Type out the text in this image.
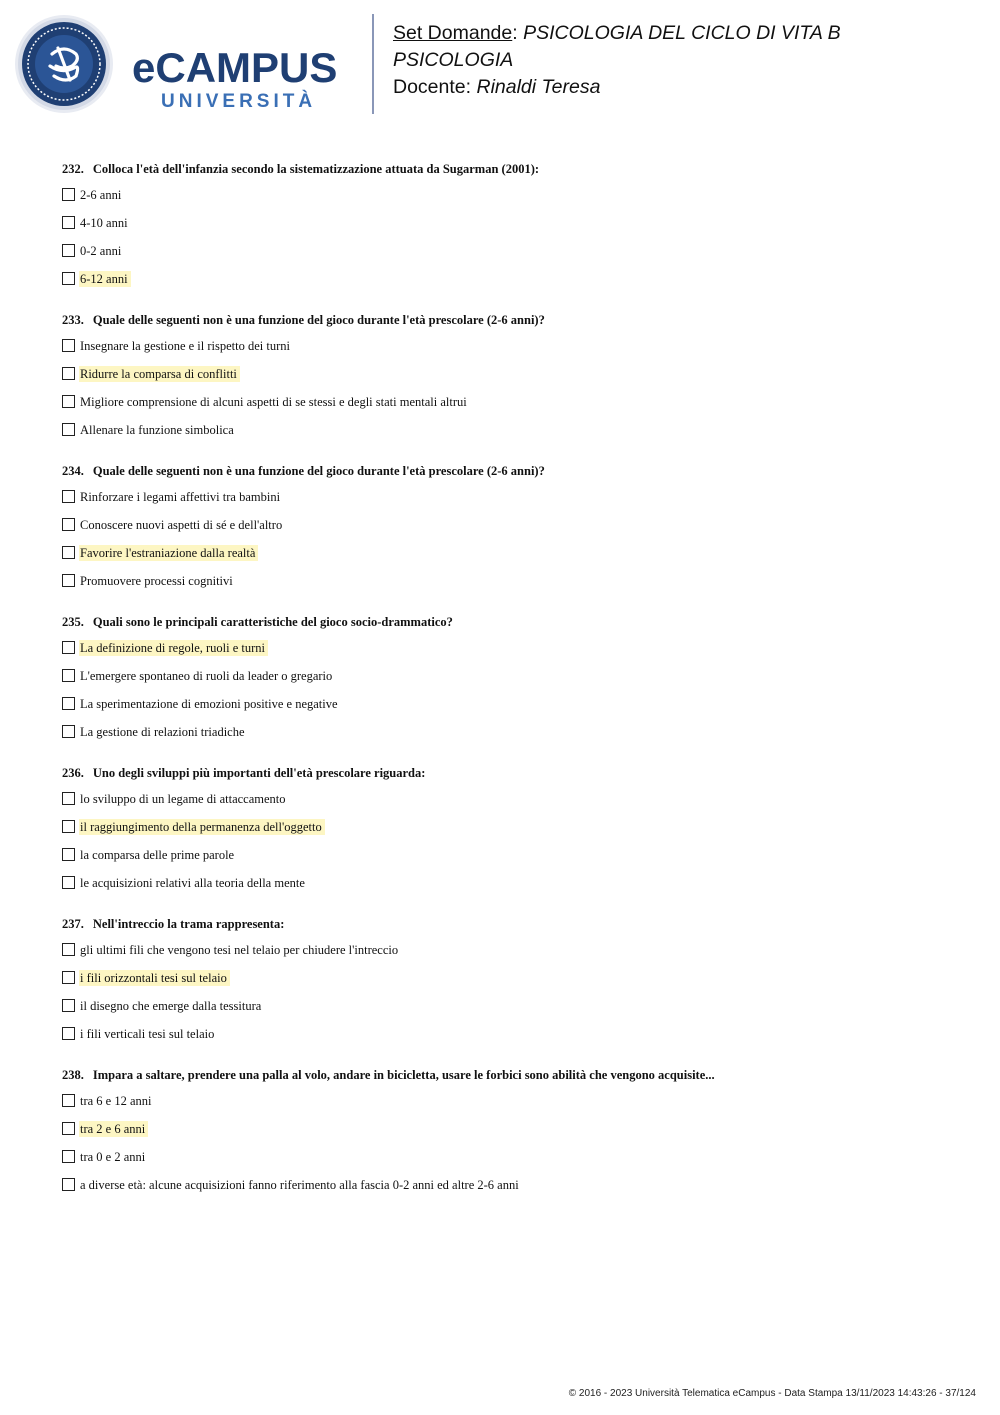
eCAMPUS
UNIVERSITÀ
Set Domande: PSICOLOGIA DEL CICLO DI VITA B
PSICOLOGIA
Docente: Rinaldi Teresa
232. Colloca l'età dell'infanzia secondo la sistematizzazione attuata da Sugarman (2001):
2-6 anni
4-10 anni
0-2 anni
6-12 anni
233. Quale delle seguenti non è una funzione del gioco durante l'età prescolare (2-6 anni)?
Insegnare la gestione e il rispetto dei turni
Ridurre la comparsa di conflitti
Migliore comprensione di alcuni aspetti di se stessi e degli stati mentali altrui
Allenare la funzione simbolica
234. Quale delle seguenti non è una funzione del gioco durante l'età prescolare (2-6 anni)?
Rinforzare i legami affettivi tra bambini
Conoscere nuovi aspetti di sé e dell'altro
Favorire l'estraniazione dalla realtà
Promuovere processi cognitivi
235. Quali sono le principali caratteristiche del gioco socio-drammatico?
La definizione di regole, ruoli e turni
L'emergere spontaneo di ruoli da leader o gregario
La sperimentazione di emozioni positive e negative
La gestione di relazioni triadiche
236. Uno degli sviluppi più importanti dell'età prescolare riguarda:
lo sviluppo di un legame di attaccamento
il raggiungimento della permanenza dell'oggetto
la comparsa delle prime parole
le acquisizioni relativi alla teoria della mente
237. Nell'intreccio la trama rappresenta:
gli ultimi fili che vengono tesi nel telaio per chiudere l'intreccio
i fili orizzontali tesi sul telaio
il disegno che emerge dalla tessitura
i fili verticali tesi sul telaio
238. Impara a saltare, prendere una palla al volo, andare in bicicletta, usare le forbici sono abilità che vengono acquisite...
tra 6 e 12 anni
tra 2 e 6 anni
tra 0 e 2 anni
a diverse età: alcune acquisizioni fanno riferimento alla fascia 0-2 anni ed altre 2-6 anni
© 2016 - 2023 Università Telematica eCampus - Data Stampa 13/11/2023 14:43:26 - 37/124
